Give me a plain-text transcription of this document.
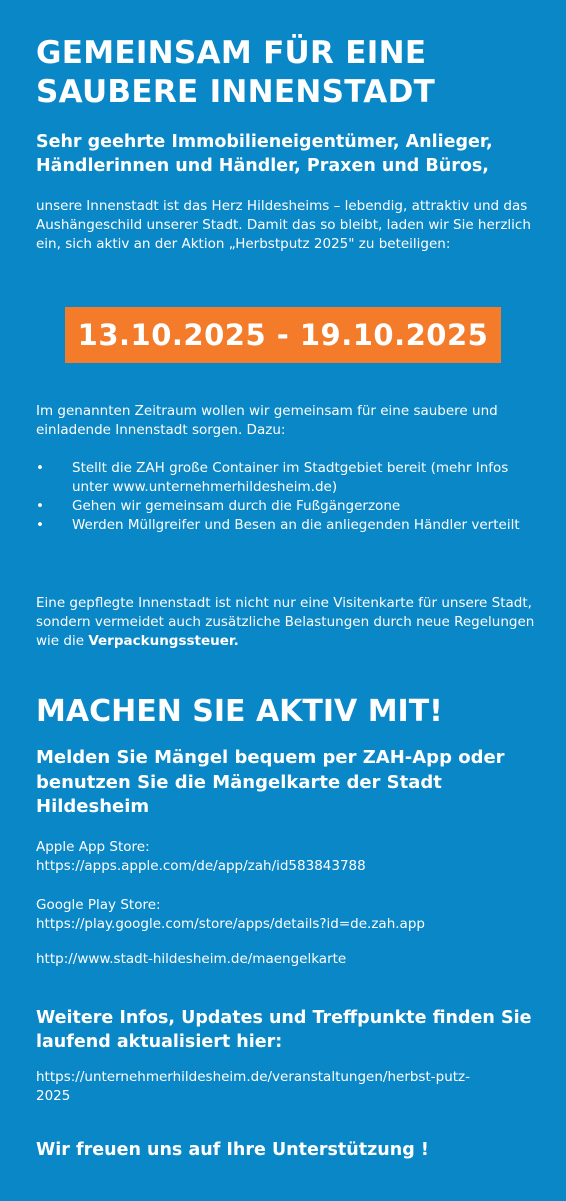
GEMEINSAM FÜR EINE
SAUBERE INNENSTADT

Sehr geehrte Immobilieneigentümer, Anlieger, Händlerinnen und Händler, Praxen und Büros,

unsere Innenstadt ist das Herz Hildesheims – lebendig, attraktiv und das Aushängeschild unserer Stadt. Damit das so bleibt, laden wir Sie herzlich ein, sich aktiv an der Aktion „Herbstputz 2025" zu beteiligen:

13.10.2025 - 19.10.2025

Im genannten Zeitraum wollen wir gemeinsam für eine saubere und einladende Innenstadt sorgen. Dazu:

• Stellt die ZAH große Container im Stadtgebiet bereit (mehr Infos unter www.unternehmerhildesheim.de)
• Gehen wir gemeinsam durch die Fußgängerzone
• Werden Müllgreifer und Besen an die anliegenden Händler verteilt

Eine gepflegte Innenstadt ist nicht nur eine Visitenkarte für unsere Stadt, sondern vermeidet auch zusätzliche Belastungen durch neue Regelungen wie die Verpackungssteuer.

MACHEN SIE AKTIV MIT!
Melden Sie Mängel bequem per ZAH-App oder benutzen Sie die Mängelkarte der Stadt Hildesheim
Apple App Store:
https://apps.apple.com/de/app/zah/id583843788
Google Play Store:
https://play.google.com/store/apps/details?id=de.zah.app
http://www.stadt-hildesheim.de/maengelkarte
Weitere Infos, Updates und Treffpunkte finden Sie laufend aktualisiert hier:
https://unternehmerhildesheim.de/veranstaltungen/herbst-putz-2025
Wir freuen uns auf Ihre Unterstützung !
